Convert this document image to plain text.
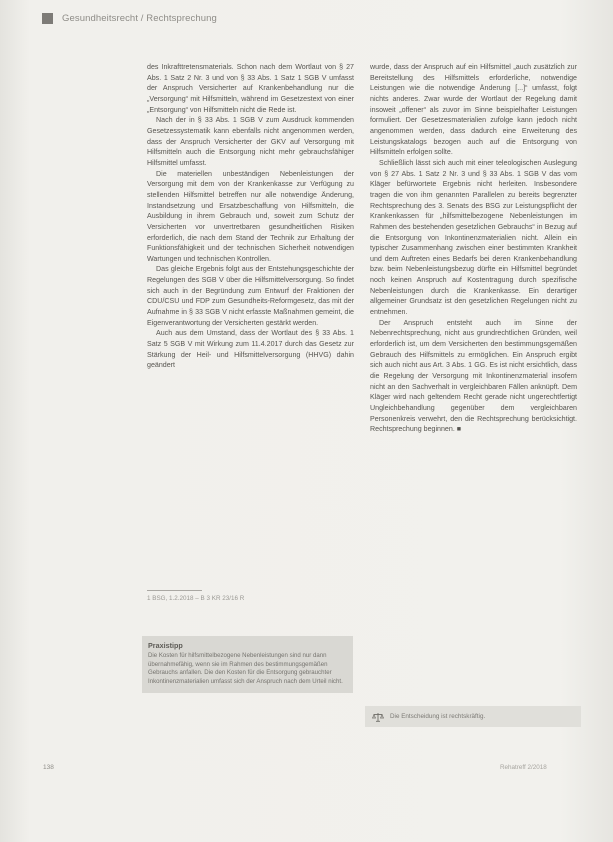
Gesundheitsrecht / Rechtsprechung

des Inkrafttretensmaterials. Schon nach dem Wortlaut von § 27 Abs. 1 Satz 2 Nr. 3 und von § 33 Abs. 1 Satz 1 SGB V umfasst der Anspruch Versicherter auf Krankenbehandlung nur die „Versorgung“ mit Hilfsmitteln, während im Gesetzestext von einer „Entsorgung“ von Hilfsmitteln nicht die Rede ist.

Nach der in § 33 Abs. 1 SGB V zum Ausdruck kommenden Gesetzessystematik kann ebenfalls nicht angenommen werden, dass der Anspruch Versicherter der GKV auf Versorgung mit Hilfsmitteln auch die Entsorgung nicht mehr gebrauchsfähiger Hilfsmittel umfasst.

Die materiellen unbeständigen Nebenleistungen der Versorgung mit dem von der Krankenkasse zur Verfügung zu stellenden Hilfsmittel betreffen nur alle notwendige Änderung, Instandsetzung und Ersatzbeschaffung von Hilfsmitteln, die Ausbildung in ihrem Gebrauch und, soweit zum Schutz der Versicherten vor unvertretbaren gesundheitlichen Risiken erforderlich, die nach dem Stand der Technik zur Erhaltung der Funktionsfähigkeit und der technischen Sicherheit notwendigen Wartungen und technischen Kontrollen.

Das gleiche Ergebnis folgt aus der Entstehungsgeschichte der Regelungen des SGB V über die Hilfsmittelversorgung. So findet sich auch in der Begründung zum Entwurf der Fraktionen der CDU/CSU und FDP zum Gesundheits-Reformgesetz, das mit der Aufnahme in § 33 SGB V nicht erfasste Maßnahmen gemeint, die Eigenverantwortung der Versicherten gestärkt werden.

Auch aus dem Umstand, dass der Wortlaut des § 33 Abs. 1 Satz 5 SGB V mit Wirkung zum 11.4.2017 durch das Gesetz zur Stärkung der Heil- und Hilfsmittelversorgung (HHVG) dahin geändert

wurde, dass der Anspruch auf ein Hilfsmittel „auch zusätzlich zur Bereitstellung des Hilfsmittels erforderliche, notwendige Leistungen wie die notwendige Änderung [...]“ umfasst, folgt nichts anderes. Zwar wurde der Wortlaut der Regelung damit insoweit „offener“ als zuvor im Sinne beispielhafter Leistungen formuliert. Der Gesetzesmaterialien zufolge kann jedoch nicht angenommen werden, dass dadurch eine Erweiterung des Leistungskatalogs bezogen auch auf die Entsorgung von Hilfsmitteln erfolgen sollte.

Schließlich lässt sich auch mit einer teleologischen Auslegung von § 27 Abs. 1 Satz 2 Nr. 3 und § 33 Abs. 1 SGB V das vom Kläger befürwortete Ergebnis nicht herleiten. Insbesondere tragen die von ihm genannten Parallelen zu bereits begrenzter Rechtsprechung des 3. Senats des BSG zur Leistungspflicht der Krankenkassen für „hilfsmittelbezogene Nebenleistungen im Rahmen des bestehenden gesetzlichen Gebrauchs“ in Bezug auf die Entsorgung von Inkontinenzmaterialien nicht. Allein ein typischer Zusammenhang zwischen einer bestimmten Krankheit und dem Auftreten eines Bedarfs bei deren Krankenbehandlung bzw. beim Nebenleistungsbezug dürfte ein Hilfsmittel begründet noch keinen Anspruch auf Kostentragung durch spezifische Nebenleistungen durch die Krankenkasse. Ein derartiger allgemeiner Grundsatz ist den gesetzlichen Regelungen nicht zu entnehmen.

Der Anspruch entsteht auch im Sinne der Nebenrechtsprechung, nicht aus grundrechtlichen Gründen, weil erforderlich ist, um dem Versicherten den bestimmungsgemäßen Gebrauch des Hilfsmittels zu ermöglichen. Ein Anspruch ergibt sich auch nicht aus Art. 3 Abs. 1 GG. Es ist nicht ersichtlich, dass die Regelung der Versorgung mit Inkontinenzmaterial insofern nicht an den Sachverhalt in vergleichbaren Fällen anknüpft. Dem Kläger wird nach geltendem Recht gerade nicht ungerechtfertigt Ungleichbehandlung gegenüber dem vergleichbaren Personenkreis verwehrt, den die Rechtsprechung berücksichtigt. Rechtsprechung beginnen. ■

1 BSG, 1.2.2018 – B 3 KR 23/16 R
Praxistipp
Die Kosten für hilfsmittelbezogene Nebenleistungen sind nur dann übernahmefähig, wenn sie im Rahmen des bestimmungsgemäßen Gebrauchs anfallen. Die den Kosten für die Entsorgung gebrauchter Inkontinenzmaterialien umfasst sich der Anspruch nach dem Urteil nicht.
Die Entscheidung ist rechtskräftig.
138	Rehatreff 2/2018
